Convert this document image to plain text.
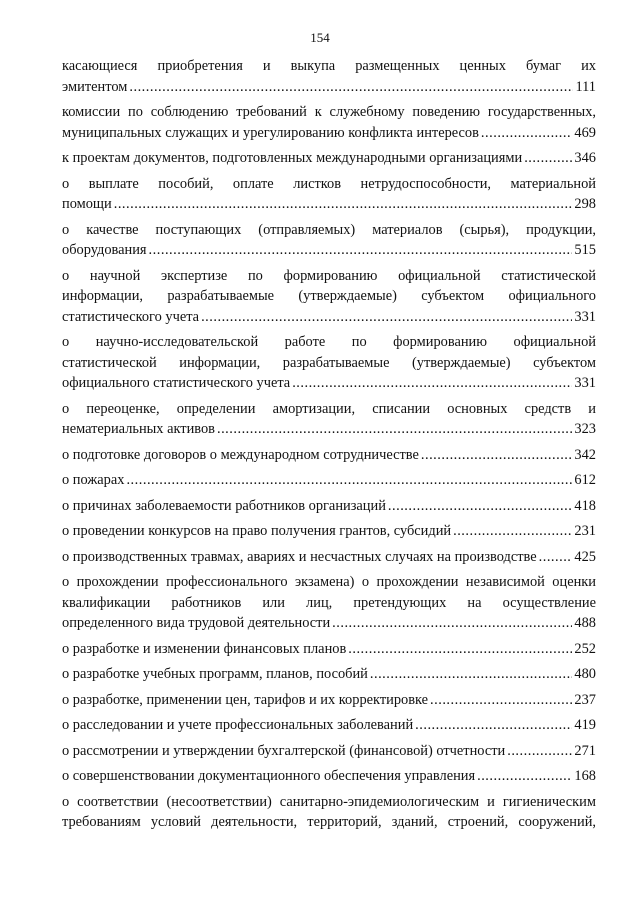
154
касающиеся приобретения и выкупа размещенных ценных бумаг их
эмитентом .....	111
комиссии по соблюдению требований к служебному поведению государственных,
муниципальных служащих и урегулированию конфликта интересов .....	469
к проектам документов, подготовленных международными организациями .....	346
о выплате пособий, оплате листков нетрудоспособности, материальной
помощи .....	298
о качестве поступающих (отправляемых) материалов (сырья), продукции,
оборудования .....	515
о научной экспертизе по формированию официальной статистической
информации, разрабатываемые (утверждаемые) субъектом официального
статистического учета .....	331
о научно-исследовательской работе по формированию официальной
статистической информации, разрабатываемые (утверждаемые) субъектом
официального статистического учета .....	331
о переоценке, определении амортизации, списании основных средств и
нематериальных активов .....	323
о подготовке договоров о международном сотрудничестве .....	342
о пожарах .....	612
о причинах заболеваемости работников организаций .....	418
о проведении конкурсов на право получения грантов, субсидий .....	231
о производственных травмах, авариях и несчастных случаях на производстве .....	425
о прохождении профессионального экзамена) о прохождении независимой оценки
квалификации работников или лиц, претендующих на осуществление
определенного вида трудовой деятельности .....	488
о разработке и изменении финансовых планов .....	252
о разработке учебных программ, планов, пособий .....	480
о разработке, применении цен, тарифов и их корректировке .....	237
о расследовании и учете профессиональных заболеваний .....	419
о рассмотрении и утверждении бухгалтерской (финансовой) отчетности .....	271
о совершенствовании документационного обеспечения управления .....	168
о соответствии (несоответствии) санитарно-эпидемиологическим и гигиеническим
требованиям условий деятельности, территорий, зданий, строений, сооружений,
